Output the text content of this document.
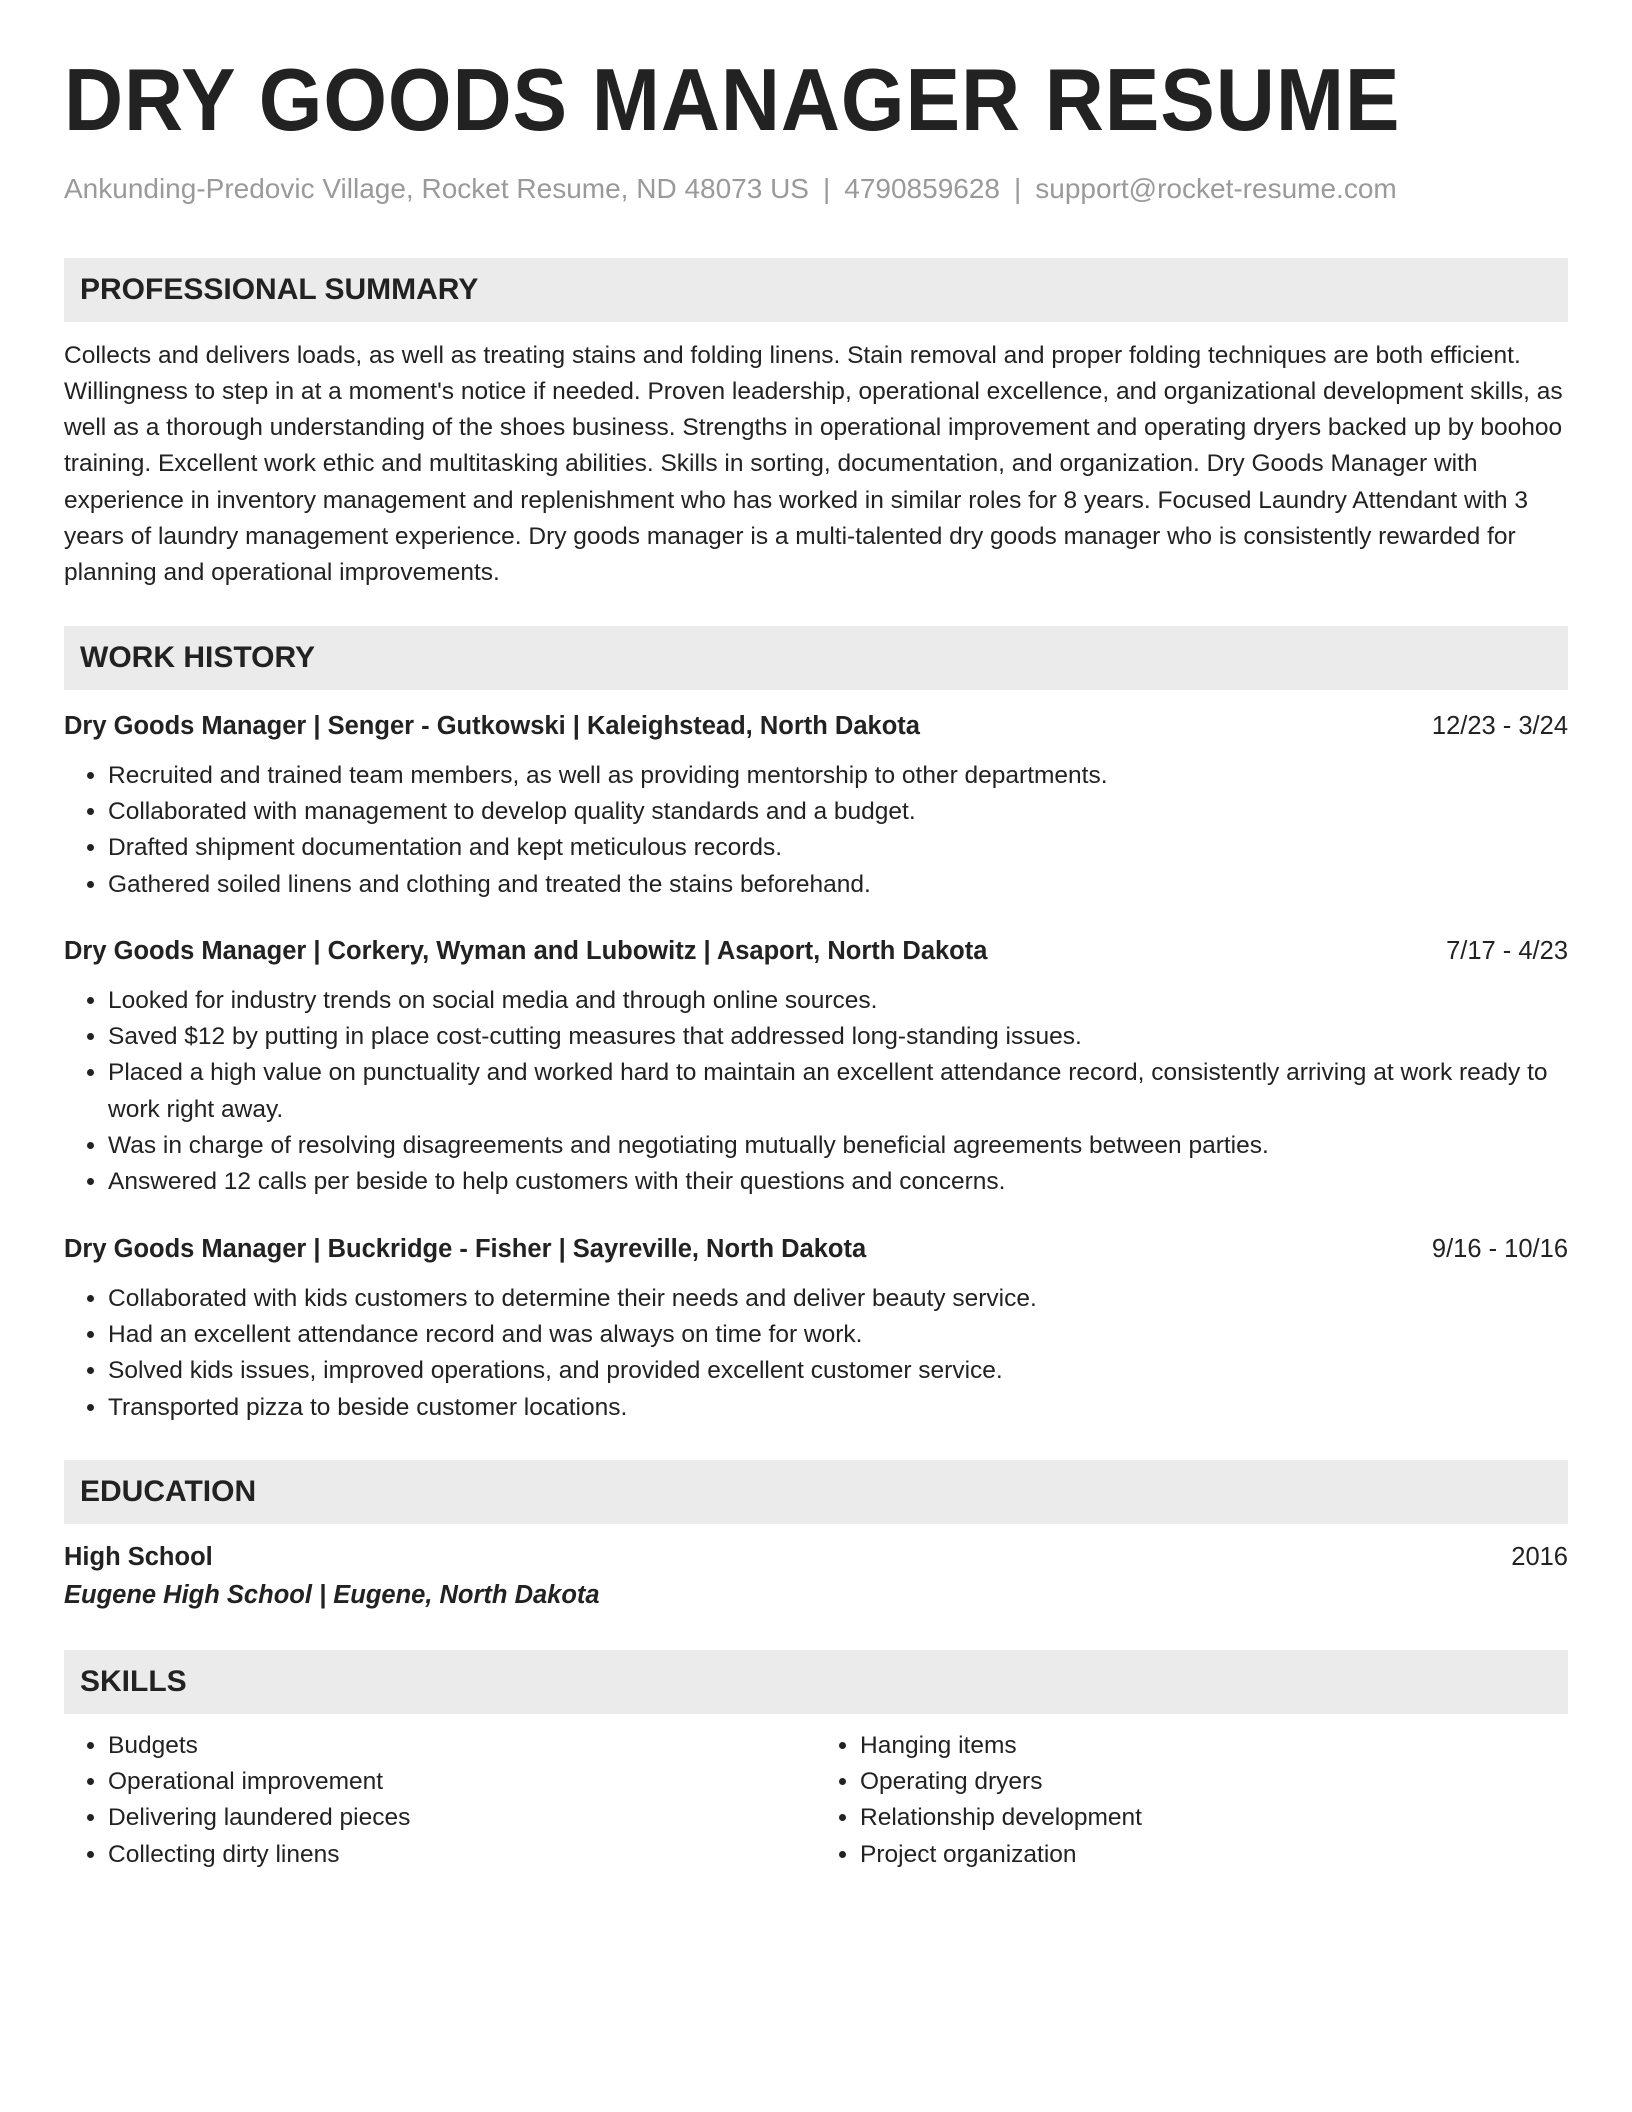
DRY GOODS MANAGER RESUME
Ankunding-Predovic Village, Rocket Resume, ND 48073 US | 4790859628 | support@rocket-resume.com
PROFESSIONAL SUMMARY

Collects and delivers loads, as well as treating stains and folding linens. Stain removal and proper folding techniques are both efficient. Willingness to step in at a moment's notice if needed. Proven leadership, operational excellence, and organizational development skills, as well as a thorough understanding of the shoes business. Strengths in operational improvement and operating dryers backed up by boohoo training. Excellent work ethic and multitasking abilities. Skills in sorting, documentation, and organization. Dry Goods Manager with experience in inventory management and replenishment who has worked in similar roles for 8 years. Focused Laundry Attendant with 3 years of laundry management experience. Dry goods manager is a multi-talented dry goods manager who is consistently rewarded for planning and operational improvements.

WORK HISTORY
Dry Goods Manager | Senger - Gutkowski | Kaleighstead, North Dakota	12/23 - 3/24
• Recruited and trained team members, as well as providing mentorship to other departments.
• Collaborated with management to develop quality standards and a budget.
• Drafted shipment documentation and kept meticulous records.
• Gathered soiled linens and clothing and treated the stains beforehand.
Dry Goods Manager | Corkery, Wyman and Lubowitz | Asaport, North Dakota	7/17 - 4/23
• Looked for industry trends on social media and through online sources.
• Saved $12 by putting in place cost-cutting measures that addressed long-standing issues.
• Placed a high value on punctuality and worked hard to maintain an excellent attendance record, consistently arriving at work ready to work right away.
• Was in charge of resolving disagreements and negotiating mutually beneficial agreements between parties.
• Answered 12 calls per beside to help customers with their questions and concerns.
Dry Goods Manager | Buckridge - Fisher | Sayreville, North Dakota	9/16 - 10/16
• Collaborated with kids customers to determine their needs and deliver beauty service.
• Had an excellent attendance record and was always on time for work.
• Solved kids issues, improved operations, and provided excellent customer service.
• Transported pizza to beside customer locations.
EDUCATION
High School	2016
Eugene High School | Eugene, North Dakota
SKILLS
• Budgets
• Operational improvement
• Delivering laundered pieces
• Collecting dirty linens
• Hanging items
• Operating dryers
• Relationship development
• Project organization
